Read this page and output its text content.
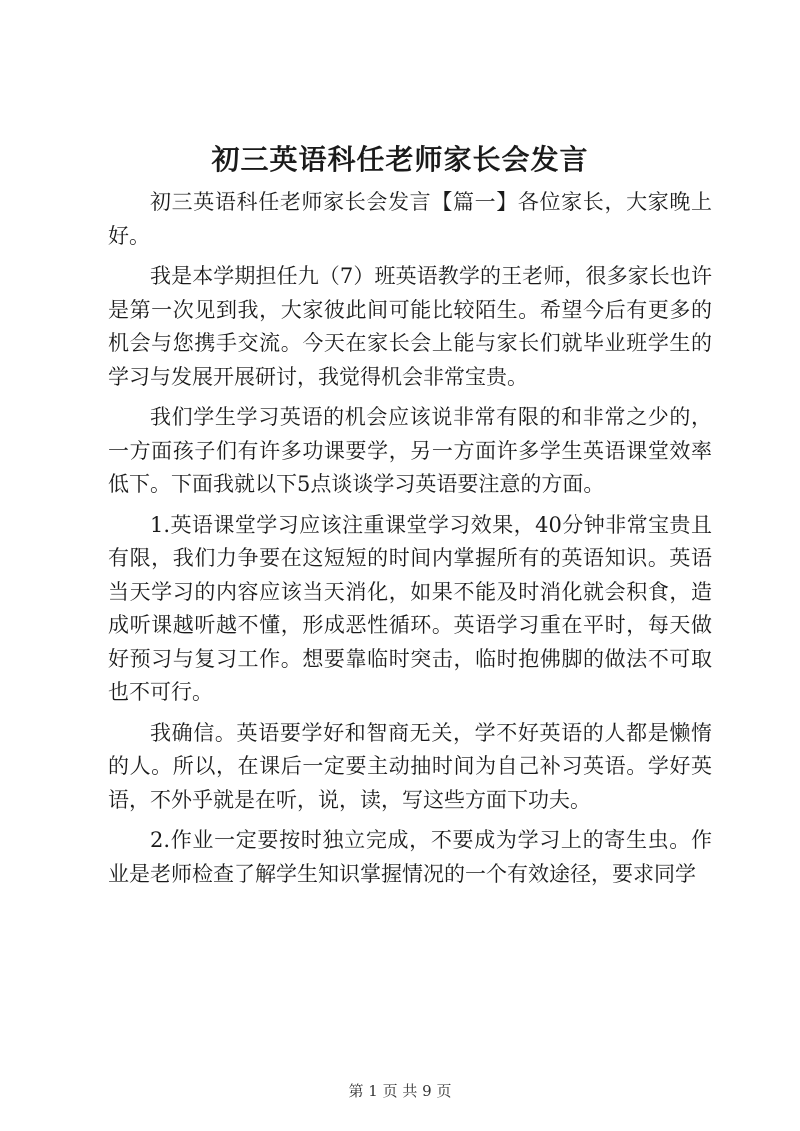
初三英语科任老师家长会发言

初三英语科任老师家长会发言【篇一】各位家长，大家晚上好。

我是本学期担任九（7）班英语教学的王老师，很多家长也许是第一次见到我，大家彼此间可能比较陌生。希望今后有更多的机会与您携手交流。今天在家长会上能与家长们就毕业班学生的学习与发展开展研讨，我觉得机会非常宝贵。

我们学生学习英语的机会应该说非常有限的和非常之少的，一方面孩子们有许多功课要学，另一方面许多学生英语课堂效率低下。下面我就以下5点谈谈学习英语要注意的方面。

1.英语课堂学习应该注重课堂学习效果，40分钟非常宝贵且有限，我们力争要在这短短的时间内掌握所有的英语知识。英语当天学习的内容应该当天消化，如果不能及时消化就会积食，造成听课越听越不懂，形成恶性循环。英语学习重在平时，每天做好预习与复习工作。想要靠临时突击，临时抱佛脚的做法不可取也不可行。

我确信。英语要学好和智商无关，学不好英语的人都是懒惰的人。所以，在课后一定要主动抽时间为自己补习英语。学好英语，不外乎就是在听，说，读，写这些方面下功夫。

2.作业一定要按时独立完成，不要成为学习上的寄生虫。作业是老师检查了解学生知识掌握情况的一个有效途径，要求同学

第 1 页 共 9 页
